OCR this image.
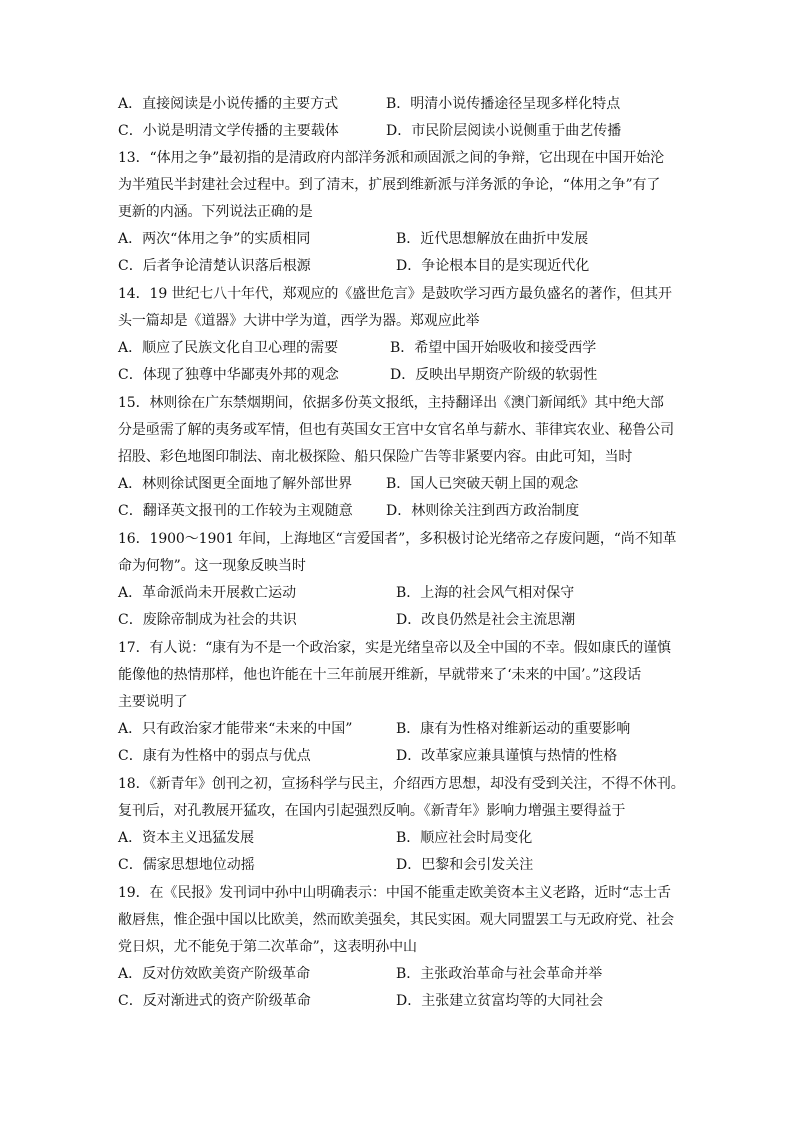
A．直接阅读是小说传播的主要方式	B．明清小说传播途径呈现多样化特点
C．小说是明清文学传播的主要载体	D．市民阶层阅读小说侧重于曲艺传播
13．“体用之争”最初指的是清政府内部洋务派和顽固派之间的争辩，它出现在中国开始沦
为半殖民半封建社会过程中。到了清末，扩展到维新派与洋务派的争论，“体用之争”有了
更新的内涵。下列说法正确的是
A．两次“体用之争”的实质相同	B．近代思想解放在曲折中发展
C．后者争论清楚认识落后根源	D．争论根本目的是实现近代化
14．19 世纪七八十年代，郑观应的《盛世危言》是鼓吹学习西方最负盛名的著作，但其开
头一篇却是《道器》大讲中学为道，西学为器。郑观应此举
A．顺应了民族文化自卫心理的需要	B．希望中国开始吸收和接受西学
C．体现了独尊中华鄙夷外邦的观念	D．反映出早期资产阶级的软弱性
15．林则徐在广东禁烟期间，依据多份英文报纸，主持翻译出《澳门新闻纸》其中绝大部
分是亟需了解的夷务或军情，但也有英国女王宫中女官名单与薪水、菲律宾农业、秘鲁公司
招股、彩色地图印制法、南北极探险、船只保险广告等非紧要内容。由此可知，当时
A．林则徐试图更全面地了解外部世界 B．国人已突破天朝上国的观念
C．翻译英文报刊的工作较为主观随意 D．林则徐关注到西方政治制度
16．1900～1901 年间，上海地区“言爱国者”，多积极讨论光绪帝之存废问题，“尚不知革
命为何物”。这一现象反映当时
A．革命派尚未开展救亡运动	B．上海的社会风气相对保守
C．废除帝制成为社会的共识	D．改良仍然是社会主流思潮
17．有人说：“康有为不是一个政治家，实是光绪皇帝以及全中国的不幸。假如康氏的谨慎
能像他的热情那样，他也许能在十三年前展开维新，早就带来了‘未来的中国’。”这段话
主要说明了
A．只有政治家才能带来“未来的中国”	B．康有为性格对维新运动的重要影响
C．康有为性格中的弱点与优点	D．改革家应兼具谨慎与热情的性格
18．《新青年》创刊之初，宣扬科学与民主，介绍西方思想，却没有受到关注，不得不休刊。
复刊后，对孔教展开猛攻，在国内引起强烈反响。《新青年》影响力增强主要得益于
A．资本主义迅猛发展	B．顺应社会时局变化
C．儒家思想地位动摇	D．巴黎和会引发关注
19．在《民报》发刊词中孙中山明确表示：中国不能重走欧美资本主义老路，近时“志士舌
敝唇焦，惟企强中国以比欧美，然而欧美强矣，其民实困。观大同盟罢工与无政府党、社会
党日炽，尤不能免于第二次革命”，这表明孙中山
A．反对仿效欧美资产阶级革命	B．主张政治革命与社会革命并举
C．反对渐进式的资产阶级革命	D．主张建立贫富均等的大同社会
